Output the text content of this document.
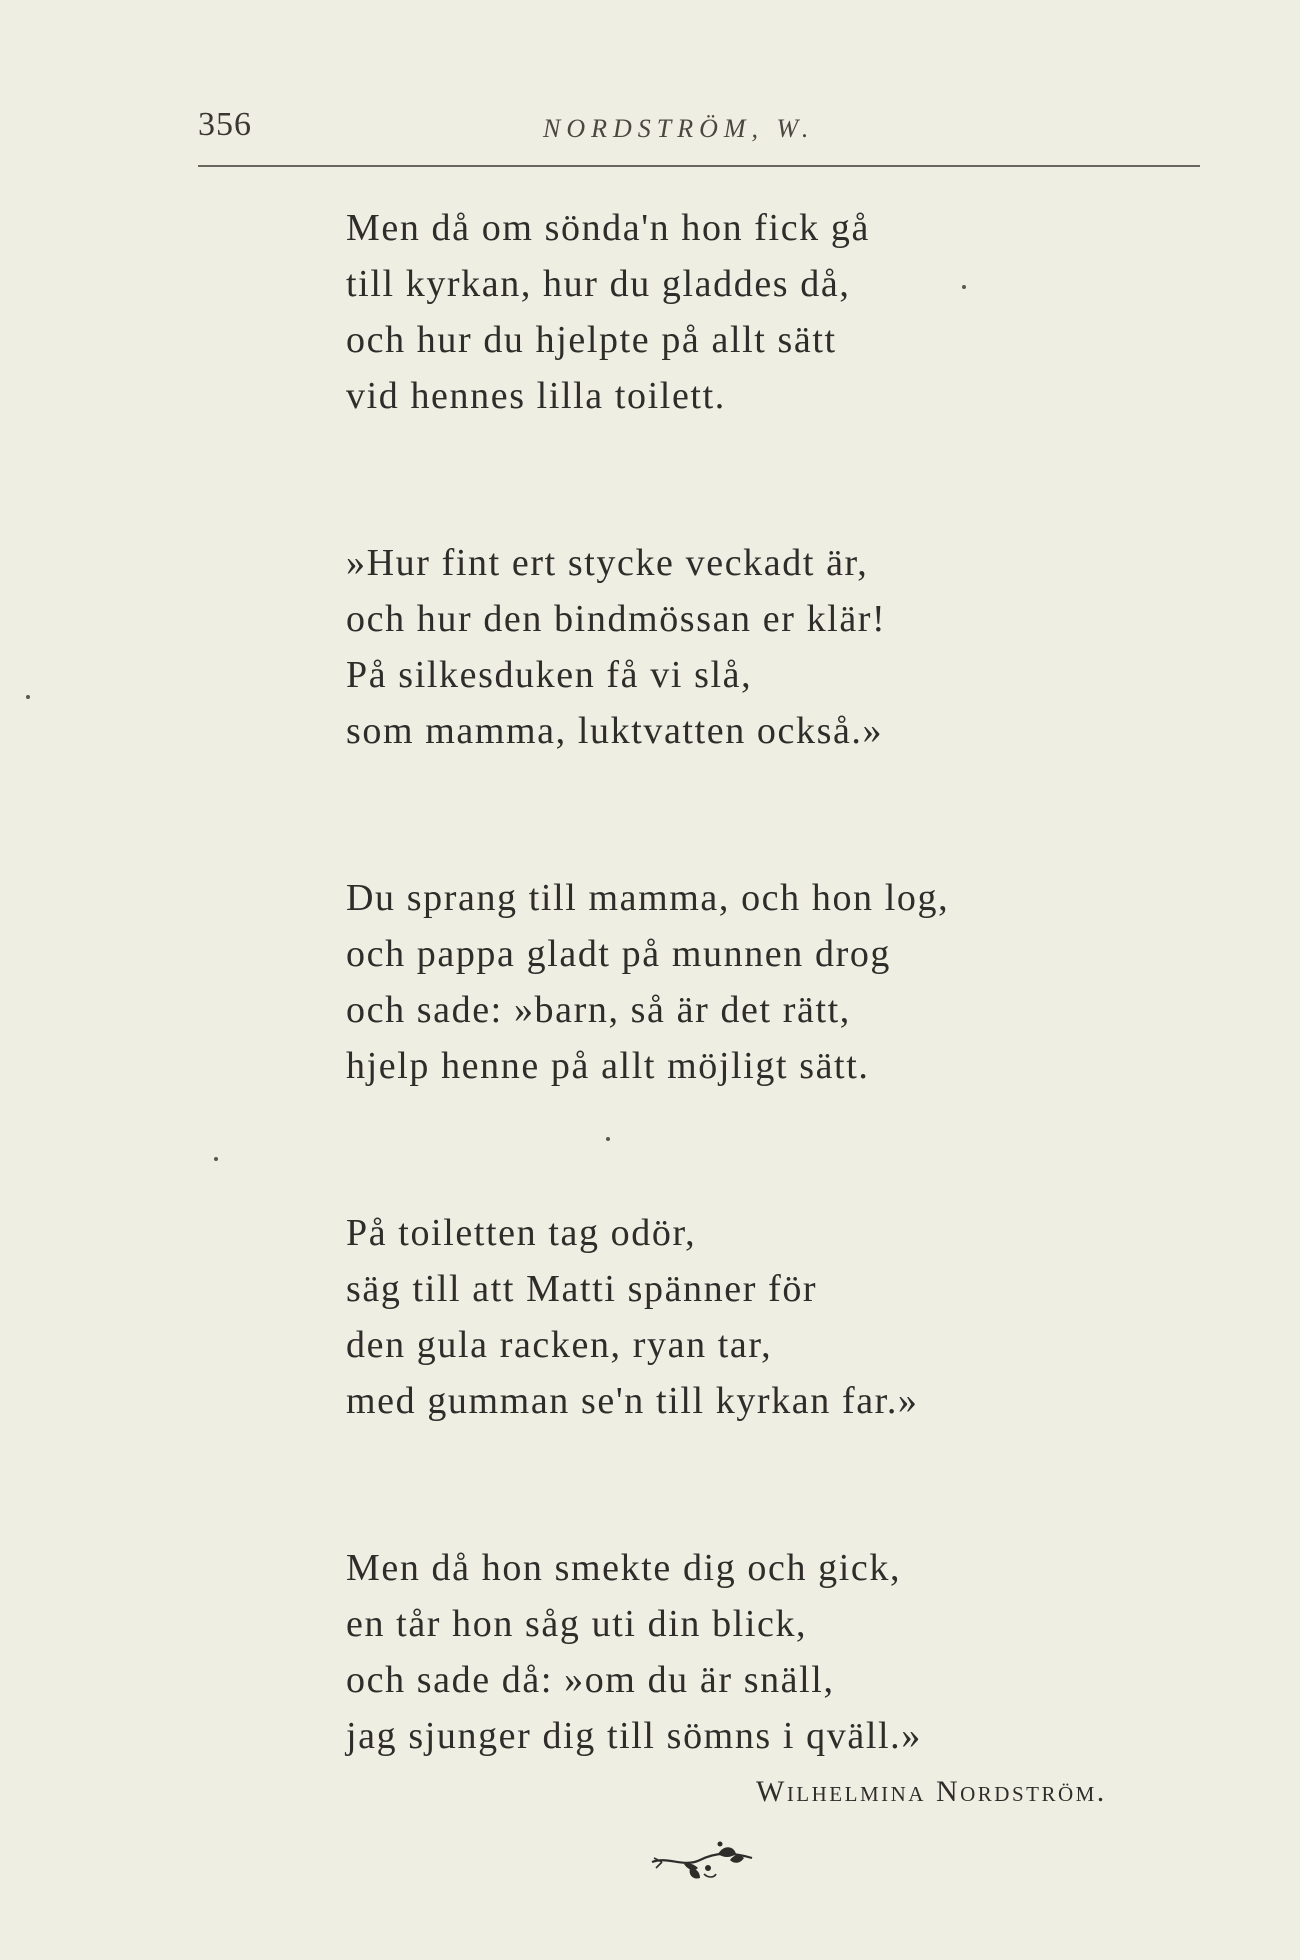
356	NORDSTRÖM, W.
Men då om sönda'n hon fick gå
till kyrkan, hur du gladdes då,
och hur du hjelpte på allt sätt
vid hennes lilla toilett.
»Hur fint ert stycke veckadt är,
och hur den bindmössan er klär!
På silkesduken få vi slå,
som mamma, luktvatten också.»
Du sprang till mamma, och hon log,
och pappa gladt på munnen drog
och sade: »barn, så är det rätt,
hjelp henne på allt möjligt sätt.
På toiletten tag odör,
säg till att Matti spänner för
den gula racken, ryan tar,
med gumman se'n till kyrkan far.»
Men då hon smekte dig och gick,
en tår hon såg uti din blick,
och sade då: »om du är snäll,
jag sjunger dig till sömns i qväll.»
Wilhelmina Nordström.
